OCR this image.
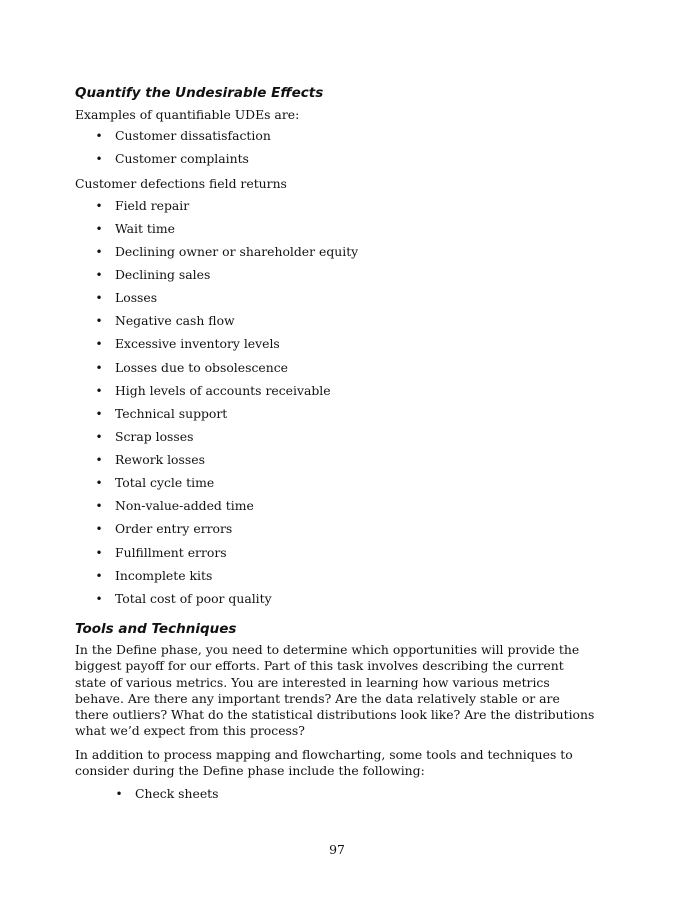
Quantify the Undesirable Effects

Examples of quantifiable UDEs are:

• Customer dissatisfaction
• Customer complaints

Customer defections field returns

• Field repair
• Wait time
• Declining owner or shareholder equity
• Declining sales
• Losses
• Negative cash flow
• Excessive inventory levels
• Losses due to obsolescence
• High levels of accounts receivable
• Technical support
• Scrap losses
• Rework losses
• Total cycle time
• Non-value-added time
• Order entry errors
• Fulfillment errors
• Incomplete kits
• Total cost of poor quality
Tools and Techniques

In the Define phase, you need to determine which opportunities will provide the biggest payoff for our efforts. Part of this task involves describing the current state of various metrics. You are interested in learning how various metrics behave. Are there any important trends? Are the data relatively stable or are there outliers? What do the statistical distributions look like? Are the distributions what we’d expect from this process?

In addition to process mapping and flowcharting, some tools and techniques to consider during the Define phase include the following:

• Check sheets
97
